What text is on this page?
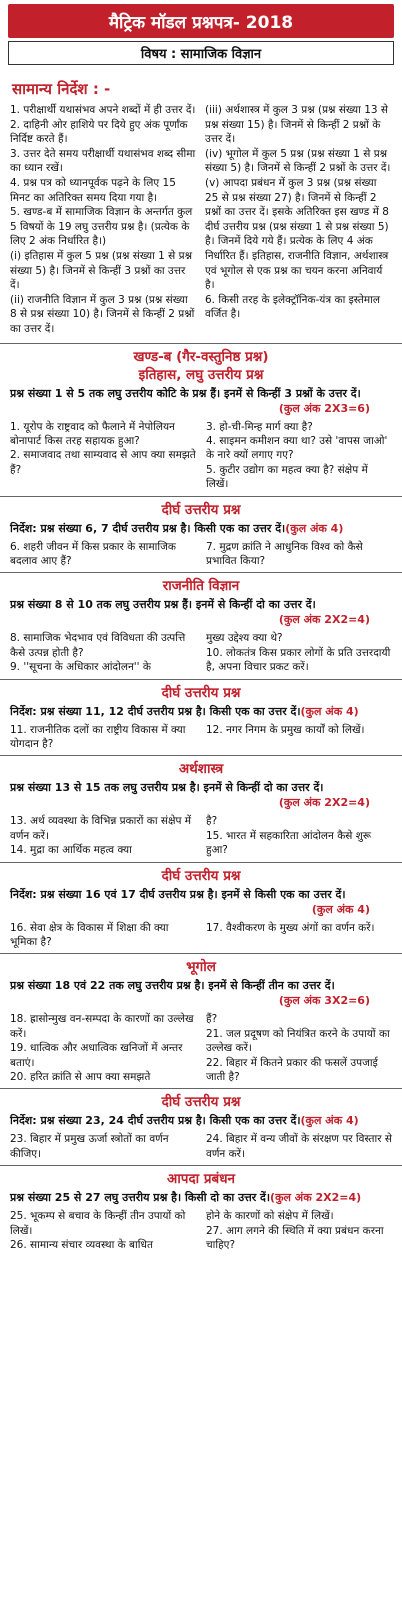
मैट्रिक मॉडल प्रश्नपत्र- 2018
विषय : सामाजिक विज्ञान
सामान्य निर्देश : -

1. परीक्षार्थी यथासंभव अपने शब्दों में ही उत्तर दें।

2. दाहिनी ओर हाशिये पर दिये हुए अंक पूर्णांक निर्दिष्ट करते हैं।

3. उत्तर देते समय परीक्षार्थी यथासंभव शब्द सीमा का ध्यान रखें।

4. प्रश्न पत्र को ध्यानपूर्वक पढ़ने के लिए 15 मिनट का अतिरिक्त समय दिया गया है।

5. खण्ड-ब में सामाजिक विज्ञान के अन्तर्गत कुल 5 विषयों के 19 लघु उत्तरीय प्रश्न है। (प्रत्येक के लिए 2 अंक निर्धारित है।)

(i) इतिहास में कुल 5 प्रश्न (प्रश्न संख्या 1 से प्रश्न संख्या 5) है। जिनमें से किन्हीं 3 प्रश्नों का उत्तर दें।

(ii) राजनीति विज्ञान में कुल 3 प्रश्न (प्रश्न संख्या 8 से प्रश्न संख्या 10) है। जिनमें से किन्हीं 2 प्रश्नों का उत्तर दें।

(iii) अर्थशास्त्र में कुल 3 प्रश्न (प्रश्न संख्या 13 से प्रश्न संख्या 15) है। जिनमें से किन्हीं 2 प्रश्नों के उत्तर दें।

(iv) भूगोल में कुल 5 प्रश्न (प्रश्न संख्या 1 से प्रश्न संख्या 5) है। जिनमें से किन्हीं 2 प्रश्नों के उत्तर दें।

(v) आपदा प्रबंधन में कुल 3 प्रश्न (प्रश्न संख्या 25 से प्रश्न संख्या 27) है। जिनमें से किन्हीं 2 प्रश्नों का उत्तर दें। इसके अतिरिक्त इस खण्ड में 8 दीर्घ उत्तरीय प्रश्न (प्रश्न संख्या 1 से प्रश्न संख्या 5) है। जिनमें दिये गये हैं। प्रत्येक के लिए 4 अंक निर्धारित हैं। इतिहास, राजनीति विज्ञान, अर्थशास्त्र एवं भूगोल से एक प्रश्न का चयन करना अनिवार्य है।

6. किसी तरह के इलेक्ट्रॉनिक-यंत्र का इस्तेमाल वर्जित है।

खण्ड-ब (गैर-वस्तुनिष्ठ प्रश्न)
इतिहास, लघु उत्तरीय प्रश्न
प्रश्न संख्या 1 से 5 तक लघु उत्तरीय कोटि के प्रश्न हैं। इनमें से किन्हीं 3 प्रश्नों के उत्तर दें।
(कुल अंक 2X3=6)

1. यूरोप के राष्ट्रवाद को फैलाने में नेपोलियन बोनापार्ट किस तरह सहायक हुआ?

2. समाजवाद तथा साम्यवाद से आप क्या समझते हैं?

3. हो-ची-मिन्ह मार्ग क्या है?

4. साइमन कमीशन क्या था? उसे 'वापस जाओ' के नारे क्यों लगाए गए?

5. कुटीर उद्योग का महत्व क्या है? संक्षेप में लिखें।

दीर्घ उत्तरीय प्रश्न
निर्देश: प्रश्न संख्या 6, 7 दीर्घ उत्तरीय प्रश्न है। किसी एक का उत्तर दें।(कुल अंक 4)

6. शहरी जीवन में किस प्रकार के सामाजिक बदलाव आए हैं?

7. मुद्रण क्रांति ने आधुनिक विश्व को कैसे प्रभावित किया?

राजनीति विज्ञान
प्रश्न संख्या 8 से 10 तक लघु उत्तरीय प्रश्न हैं। इनमें से किन्हीं दो का उत्तर दें।
(कुल अंक 2X2=4)

8. सामाजिक भेदभाव एवं विविधता की उत्पत्ति कैसे उत्पन्न होती है?

9. ''सूचना के अधिकार आंदोलन'' के

मुख्य उद्देश्य क्या थे?

10. लोकतंत्र किस प्रकार लोगों के प्रति उत्तरदायी है, अपना विचार प्रकट करें।

दीर्घ उत्तरीय प्रश्न
निर्देश: प्रश्न संख्या 11, 12 दीर्घ उत्तरीय प्रश्न है। किसी एक का उत्तर दें।(कुल अंक 4)

11. राजनीतिक दलों का राष्ट्रीय विकास में क्या योगदान है?

12. नगर निगम के प्रमुख कार्यों को लिखें।

अर्थशास्त्र
प्रश्न संख्या 13 से 15 तक लघु उत्तरीय प्रश्न है। इनमें से किन्हीं दो का उत्तर दें।
(कुल अंक 2X2=4)

13. अर्थ व्यवस्था के विभिन्न प्रकारों का संक्षेप में वर्णन करें।

14. मुद्रा का आर्थिक महत्व क्या

है?

15. भारत में सहकारिता आंदोलन कैसे शुरू हुआ?

दीर्घ उत्तरीय प्रश्न
निर्देश: प्रश्न संख्या 16 एवं 17 दीर्घ उत्तरीय प्रश्न है। इनमें से किसी एक का उत्तर दें।
(कुल अंक 4)

16. सेवा क्षेत्र के विकास में शिक्षा की क्या भूमिका है?

17. वैश्वीकरण के मुख्य अंगों का वर्णन करें।

भूगोल
प्रश्न संख्या 18 एवं 22 तक लघु उत्तरीय प्रश्न है। इनमें से किन्हीं तीन का उत्तर दें।
(कुल अंक 3X2=6)

18. ह्रासोन्मुख वन-सम्पदा के कारणों का उल्लेख करें।

19. धात्विक और अधात्विक खनिजों में अन्तर बताएं।

20. हरित क्रांति से आप क्या समझते

हैं?

21. जल प्रदूषण को नियंत्रित करने के उपायों का उल्लेख करें।

22. बिहार में कितने प्रकार की फसलें उपजाई जाती है?

दीर्घ उत्तरीय प्रश्न
निर्देश: प्रश्न संख्या 23, 24 दीर्घ उत्तरीय प्रश्न है। किसी एक का उत्तर दें।(कुल अंक 4)

23. बिहार में प्रमुख ऊर्जा स्त्रोतों का वर्णन कीजिए।

24. बिहार में वन्य जीवों के संरक्षण पर विस्तार से वर्णन करें।

आपदा प्रबंधन
प्रश्न संख्या 25 से 27 लघु उत्तरीय प्रश्न है। किसी दो का उत्तर दें।(कुल अंक 2X2=4)

25. भूकम्प से बचाव के किन्हीं तीन उपायों को लिखें।

26. सामान्य संचार व्यवस्था के बाधित

होने के कारणों को संक्षेप में लिखें।

27. आग लगने की स्थिति में क्या प्रबंधन करना चाहिए?
